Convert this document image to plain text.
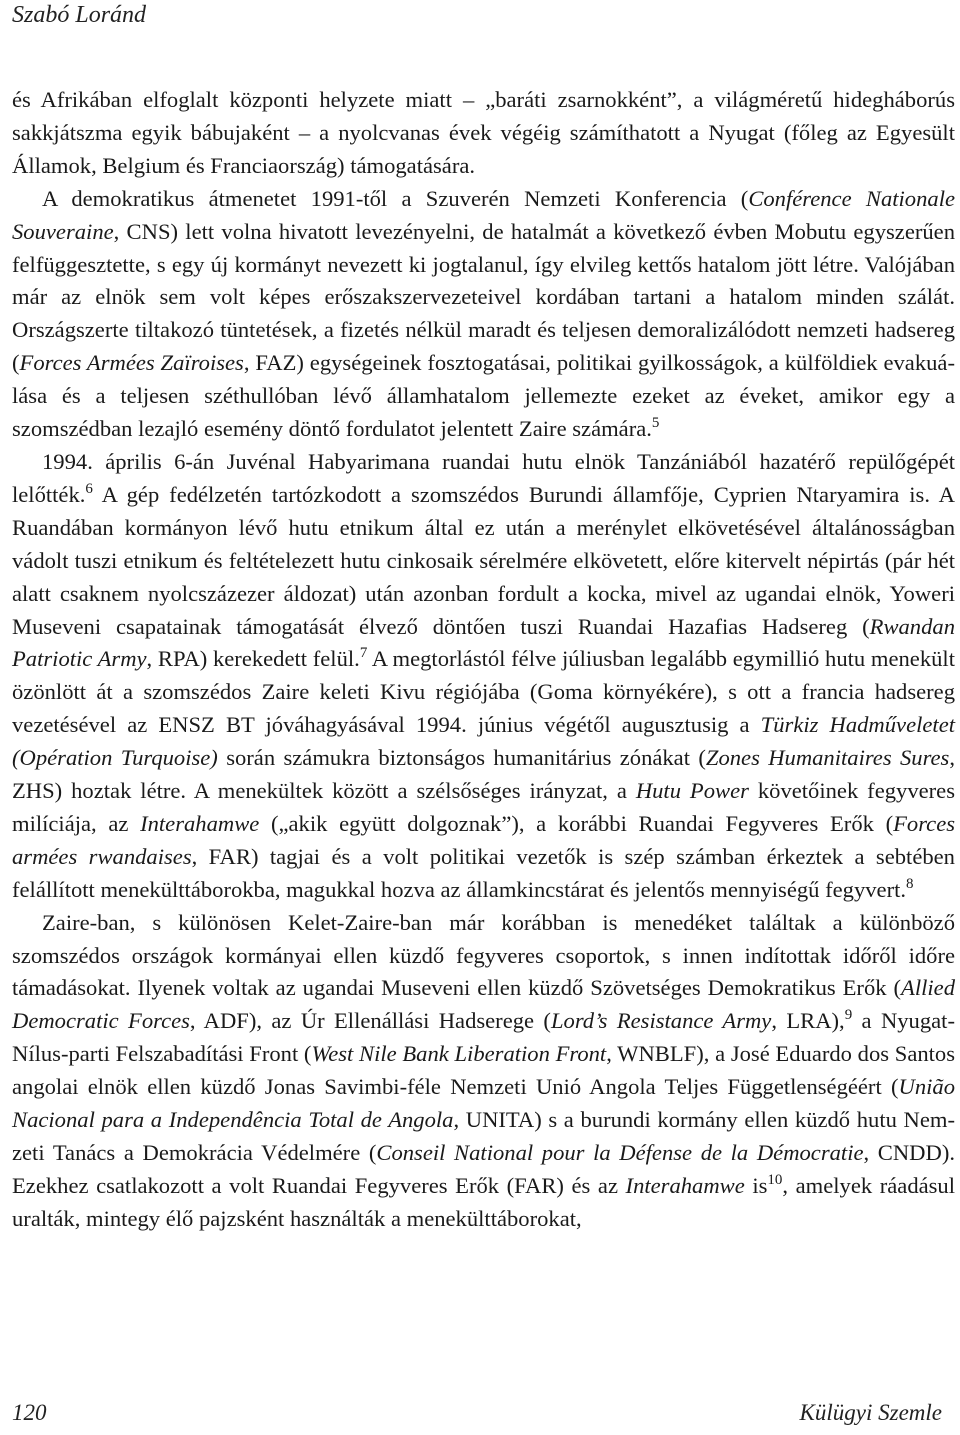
Szabó Loránd

és Afrikában elfoglalt központi helyzete miatt – „baráti zsarnokként”, a világméretű hidegháborús sakkjátszma egyik bábujaként – a nyolcvanas évek végéig számíthatott a Nyugat (főleg az Egyesült Államok, Belgium és Franciaország) támogatására.

A demokratikus átmenetet 1991-től a Szuverén Nemzeti Konferencia (Conférence Nationale Souveraine, CNS) lett volna hivatott levezényelni, de hatalmát a következő évben Mobutu egyszerűen felfüggesztette, s egy új kormányt nevezett ki jogtalanul, így elvileg kettős hatalom jött létre. Valójában már az elnök sem volt képes erőszakszervezeteivel kordában tartani a hatalom minden szálát. Országszerte tiltakozó tüntetések, a fizetés nélkül maradt és teljesen demoralizálódott nemzeti hadsereg (Forces Armées Zaïroises, FAZ) egységeinek fosztogatásai, politikai gyilkosságok, a külföldiek evakuálása és a teljesen széthullóban lévő államhatalom jellemezte ezeket az éveket, amikor egy a szomszédban lezajló esemény döntő fordulatot jelentett Zaire számára.$^5$

1994. április 6-án Juvénal Habyarimana ruandai hutu elnök Tanzániából hazatérő repülőgépét lelőtték.$^6$ A gép fedélzetén tartózkodott a szomszédos Burundi államfője, Cyprien Ntaryamira is. A Ruandában kormányon lévő hutu etnikum által ez után a merénylet elkövetésével általánosságban vádolt tuszi etnikum és feltételezett hutu cinkosaik sérelmére elkövetett, előre kitervelt népirtás (pár hét alatt csaknem nyolcszázezer áldozat) után azonban fordult a kocka, mivel az ugandai elnök, Yoweri Museveni csapatainak támogatását élvező döntően tuszi Ruandai Hazafias Hadsereg (Rwandan Patriotic Army, RPA) kerekedett felül.$^7$ A megtorlástól félve júliusban legalább egymillió hutu menekült özönlött át a szomszédos Zaire keleti Kivu régiójába (Goma környékére), s ott a francia hadsereg vezetésével az ENSZ BT jóváhagyásával 1994. június végétől augusztusig a Türkiz Hadműveletet (Opération Turquoise) során számukra biztonságos humanitárius zónákat (Zones Humanitaires Sures, ZHS) hoztak létre. A menekültek között a szélsőséges irányzat, a Hutu Power követőinek fegyveres milíciája, az Interahamwe („akik együtt dolgoznak”), a korábbi Ruandai Fegyveres Erők (Forces armées rwandaises, FAR) tagjai és a volt politikai vezetők is szép számban érkeztek a sebtében felállított menekülttáborokba, magukkal hozva az államkincstárat és jelentős mennyiségű fegyvert.$^8$

Zaire-ban, s különösen Kelet-Zaire-ban már korábban is menedéket találtak a különböző szomszédos országok kormányai ellen küzdő fegyveres csoportok, s innen indítottak időről időre támadásokat. Ilyenek voltak az ugandai Museveni ellen küzdő Szövetséges Demokratikus Erők (Allied Democratic Forces, ADF), az Úr Ellenállási Hadserege (Lord’s Resistance Army, LRA),$^9$ a Nyugat-Nílus-parti Felszabadítási Front (West Nile Bank Liberation Front, WNBLF), a José Eduardo dos Santos angolai elnök ellen küzdő Jonas Savimbi-féle Nemzeti Unió Angola Teljes Függetlenségéért (União Nacional para a Independência Total de Angola, UNITA) s a burundi kormány ellen küzdő hutu Nemzeti Tanács a Demokrácia Védelmére (Conseil National pour la Défense de la Démocratie, CNDD). Ezekhez csatlakozott a volt Ruandai Fegyveres Erők (FAR) és az Interahamwe $is^{10}$, amelyek ráadásul uralták, mintegy élő pajzsként használták a menekülttáborokat,

120	Külügyi Szemle
